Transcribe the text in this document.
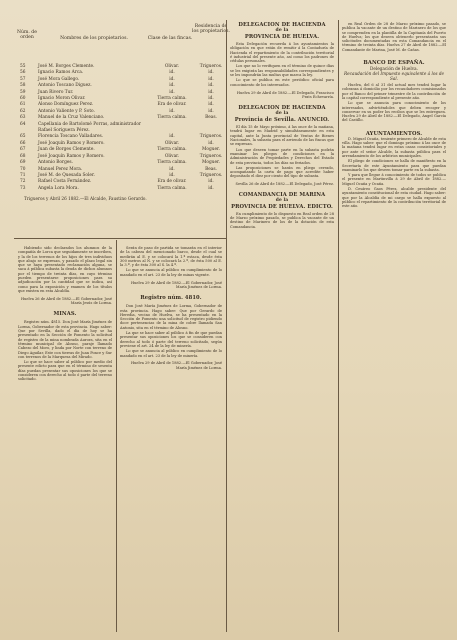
Núm. de orden	Nombres de los propietarios.	Clase de las fincas.
Residencia de los propietarios.
55	José M. Borges Clemente.	Olivar.	Trigueros.
56	Ignacio Ramos Arca.	id.	id.
57	José Mora Gallego.	id.	id.
58	Antonio Toscano Diguez.	id.	id.
59	Juan Rivero Tur.	id.	id.
60	Ignacio Moron Olivar.	Tierra calma.	id.
61	Alonso Domínguez Perez.	Era de olivar.	id.
62	Antonio Valiente y P. Soto.	id.	id.
63	Manuel de la Cruz Valenciano.	Tierra calma.	Beas.
64	Capellania de Bartolomé Porras, administrador Rafael Soriguera Pérez.
65	Florencia Toscano Valladares.	id.	Trigueros.
66	José Joaquín Ramos y Romero.	Olivar.	id.
67	Juan de Borges Clemente.	Tierra calma.	Moguer.
68	José Joaquín Ramos y Romero.	Olivar.	Trigueros.
69	Antonio Borges.	Tierra calma.	Moguer.
70	Manuel Perez Mora.	id.	Beas.
71	José M. de Quesada Soler.	id.	Trigueros.
72	Rafael Costa Fernández.	Era de olivar.	id.
73	Angela Lora Mora.	Tierra calma.	id.
Trigueros y Abril 26 1882.—El Alcalde, Faustino Gerardo.

Habiendo sido declarados los alumnos de la compañía de Lorca que seguidamente se inscriben, y la de los terrenos de los hijos de tres individuos que abajo se expresan, y pasado el plazo legal sin que se haya presentado reclamación alguna, se saca á pública subasta la deuda de dichos alumnos por el tiempo de treinta días, en cuyo término pueden presentarse proposiciones para su adjudicación por la cantidad que se indica, así como para la exposición y examen de los títulos que existen en esta Alcaldía.

Huelva 26 de Abril de 1882.—El Gobernador, José María Jesús de Lorma.

MINAS.

Registro núm. 4815. Don José María Jiménez de Lorma, Gobernador de esta provincia. Hago saber: Que por Sevilla, dado el día de hoy se ha presentado en la Sección de Fomento la solicitud de registro de la mina nombrada Aurora, sita en el término municipal de Alosno, paraje llamado Cabezo del Moro, y linda por Norte con terreno de Diego Aguilar, Este con tierras de Juan Ponce y Sur con terrenos de la Marquesa del Mirado.

Lo que se hace saber al público por medio del presente edicto para que en el término de sesenta días puedan presentar sus oposiciones los que se consideren con derecho al todo ó parte del terreno solicitado.

Serán de paso de partida se tomarán en el interior de la cabeza del mencionado barco, desde el cual se medirán al E. y se colocará la 1.ª estaca, desde ésta 300 metros al N. y se colocará la 2.ª, de ésta 500 al E. la 3.ª, y de ésta 300 al S. la 4.ª.

Lo que se anuncia al público en cumplimiento de lo mandado en el art. 23 de la ley de minas vigente.

Huelva 29 de Abril de 1882.—El Gobernador, José María Jiménez de Lorma.

Registro núm. 4810.

Don José María Jiménez de Lorma, Gobernador de esta provincia. Hago saber: Que por Gerardo de Heredia, vecino de Huelva, se ha presentado en la Sección de Fomento una solicitud de registro pidiendo doce pertenencias de la mina de cobre llamada San Antonio, sita en el término de Alosno.

La que se hace saber al público á fin de que puedan presentar sus oposiciones los que se consideren con derecho al todo ó parte del terreno solicitado, según previene el art. 24 de la ley de minería.

Lo que se anuncia al público en cumplimiento de lo mandado en el art. 23 de la ley de minería.

Huelva 29 de Abril de 1882.—El Gobernador, José María Jiménez de Lorma.

DELEGACION DE HACIENDA
de la
PROVINCIA DE HUELVA.

Esta Delegación recuerda á los ayuntamientos la obligación en que están de remitir á la Contaduría de Hacienda el repartimiento de la contribución territorial é industrial del presente año, así como los padrones de cédulas personales.

Los que no lo verifiquen en el término de quince días se les exigirán las responsabilidades correspondientes y se les impondrán las multas que marca la ley.

Lo que se publica en este periódico oficial para conocimiento de los interesados.

Huelva 29 de Abril de 1882.—El Delegado, Francisco Prats Echevarría.

DELEGACION DE HACIENDA
de la
Provincia de Sevilla. ANUNCIO.

El día 15 de Mayo próximo, á las once de la mañana, tendrá lugar en Madrid y simultáneamente en esta capital, ante la Junta provincial de Ventas de Bienes Nacionales, la subasta para el arriendo de las fincas que se expresan.

Los que deseen tomar parte en la subasta podrán examinar los pliegos de condiciones en la Administración de Propiedades y Derechos del Estado de esta provincia, todos los días no feriados.

Las proposiciones se harán en pliego cerrado, acompañando la carta de pago que acredite haber depositado el diez por ciento del tipo de subasta.

Sevilla 26 de Abril de 1882.—El Delegado, José Pérez.

COMANDANCIA DE MARINA
de la
PROVINCIA DE HUELVA. EDICTO.

En cumplimiento de lo dispuesto en Real orden de 28 de Marzo próximo pasado, se publica la vacante de un destino de Marinero de los de la dotación de esta Comandancia.

en Real Orden de 28 de Marzo próximo pasado, se publica la vacante de un destino de Marinero de los que se comprenden en la plantilla de la Capitanía del Puerto de Huelva; los que deseen obtenerlo presentarán sus solicitudes documentadas en esta Comandancia en el término de treinta días. Huelva 27 de Abril de 1882.—El Comandante de Marina, José M. de Cañas.

BANCO DE ESPAÑA.
Delegación de Huelva.
Recaudación del Impuesto equivalente á los de Sal.

Huelva, del 6 al 31 del actual mes tendrá lugar la cobranza á domicilio por los recaudadores comisionados por el Banco del primer trimestre de la contribución de la capital correspondiente al presente año.

Lo que se anuncia para conocimiento de los interesados, advirtiéndoles que deben recoger y conservar en su poder los recibos que se les entreguen. Huelva 29 de Abril de 1882.—El Delegado, Angel García del Castillo.

AYUNTAMIENTOS.

D. Miguel Ocaña, teniente primero de Alcalde de esta villa. Hago saber: que el domingo próximo á las once de la mañana tendrá lugar en estas casas consistoriales y por ante el señor Alcalde, la subasta pública para el arrendamiento de los arbitrios municipales.

El pliego de condiciones se halla de manifiesto en la Secretaría de este Ayuntamiento para que puedan examinarlo los que deseen tomar parte en la subasta.

Y para que llegue á conocimiento de todos se publica el presente en Martinvilla á 29 de Abril de 1882.—Miguel Ocaña y Ocaña.

D. Cesáreo Gaos Pérez, alcalde presidente del ayuntamiento constitucional de esta ciudad. Hago saber: que por la Alcaldía de mi cargo se halla expuesto al público el repartimiento de la contribución territorial de este año.
